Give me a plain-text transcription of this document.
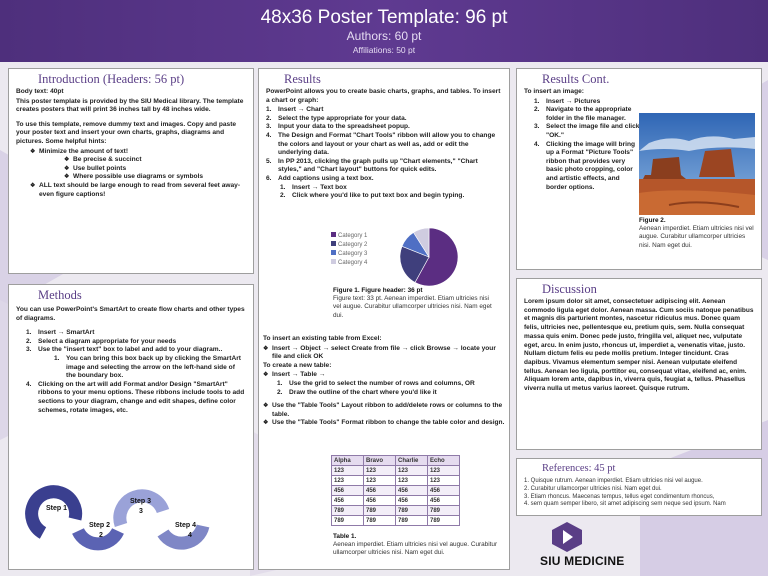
48x36 Poster Template: 96 pt
Authors: 60 pt
Affiliations: 50 pt
Introduction (Headers: 56 pt)

Body text: 40pt

This poster template is provided by the SIU Medical library. The template creates posters that will print 36 inches tall by 48 inches wide.

To use this template, remove dummy text and images. Copy and paste your poster text and insert your own charts, graphs, diagrams and pictures. Some helpful hints:

❖ Minimize the amount of text!
❖ Be precise & succinct
❖ Use bullet points
❖ Where possible use diagrams or symbols
❖ ALL text should be large enough to read from several feet away- even figure captions!
Methods

You can use PowerPoint's SmartArt to create flow charts and other types of diagrams.

1. Insert → SmartArt
2. Select a diagram appropriate for your needs
3. Use the "insert text" box to label and add to your diagram..
1. You can bring this box back up by clicking the SmartArt image and selecting the arrow on the left-hand side of the boundary box.
4. Clicking on the art will add Format and/or Design "SmartArt" ribbons to your menu options. These ribbons include tools to add sections to your diagram, change and edit shapes, define color schemes, rotate images, etc.
Step 1
Step 2
Step 3
Step 4
2
3
4
Results

PowerPoint allows you to create basic charts, graphs, and tables. To insert a chart or graph:

1. Insert → Chart
2. Select the type appropriate for your data.
3. Input your data to the spreadsheet popup.
4. The Design and Format "Chart Tools" ribbon will allow you to change the colors and layout or your chart as well as, add or edit the underlying data.
5. In PP 2013, clicking the graph pulls up "Chart elements," "Chart styles," and "Chart layout" buttons for quick edits.
6. Add captions using a text box.
1. Insert → Text box
2. Click where you'd like to put text box and begin typing.
Category 1
Category 2
Category 3
Category 4
Figure 1. Figure header: 36 pt
Figure text: 33 pt. Aenean imperdiet. Etiam ultricies nisi vel augue. Curabitur ullamcorper ultricies nisi. Nam eget dui.

To insert an existing table from Excel:

❖ Insert → Object → select Create from file → click Browse → locate your file and click OK

To create a new table:

❖ Insert → Table →
1. Use the grid to select the number of rows and columns, OR
2. Draw the outline of the chart where you'd like it
❖ Use the "Table Tools" Layout ribbon to add/delete rows or columns to the table.
❖ Use the "Table Tools" Format ribbon to change the table color and design.
Alpha	Bravo	Charlie	Echo
123	123	123	123
123	123	123	123
456	456	456	456
456	456	456	456
789	789	789	789
789	789	789	789
Table 1.
Aenean imperdiet. Etiam ultricies nisi vel augue. Curabitur ullamcorper ultricies nisi. Nam eget dui.
Results Cont.

To insert an image:

1. Insert → Pictures
2. Navigate to the appropriate folder in the file manager.
3. Select the image file and click "OK."
4. Clicking the image will bring up a Format "Picture Tools" ribbon that provides very basic photo cropping, color and artistic effects, and border options.
Figure 2.
Aenean imperdiet. Etiam ultricies nisi vel augue. Curabitur ullamcorper ultricies nisi. Nam eget dui.
Discussion

Lorem ipsum dolor sit amet, consectetuer adipiscing elit. Aenean commodo ligula eget dolor. Aenean massa. Cum sociis natoque penatibus et magnis dis parturient montes, nascetur ridiculus mus. Donec quam felis, ultricies nec, pellentesque eu, pretium quis, sem. Nulla consequat massa quis enim. Donec pede justo, fringilla vel, aliquet nec, vulputate eget, arcu. In enim justo, rhoncus ut, imperdiet a, venenatis vitae, justo. Nullam dictum felis eu pede mollis pretium. Integer tincidunt. Cras dapibus. Vivamus elementum semper nisi. Aenean vulputate eleifend tellus. Aenean leo ligula, porttitor eu, consequat vitae, eleifend ac, enim. Aliquam lorem ante, dapibus in, viverra quis, feugiat a, tellus. Phasellus viverra nulla ut metus varius laoreet. Quisque rutrum.

References: 45 pt
1. Quisque rutrum. Aenean imperdiet. Etiam ultricies nisi vel augue.
2. Curabitur ullamcorper ultricies nisi. Nam eget dui.
3. Etiam rhoncus. Maecenas tempus, tellus eget condimentum rhoncus,
4. sem quam semper libero, sit amet adipiscing sem neque sed ipsum. Nam
SIU MEDICINE
